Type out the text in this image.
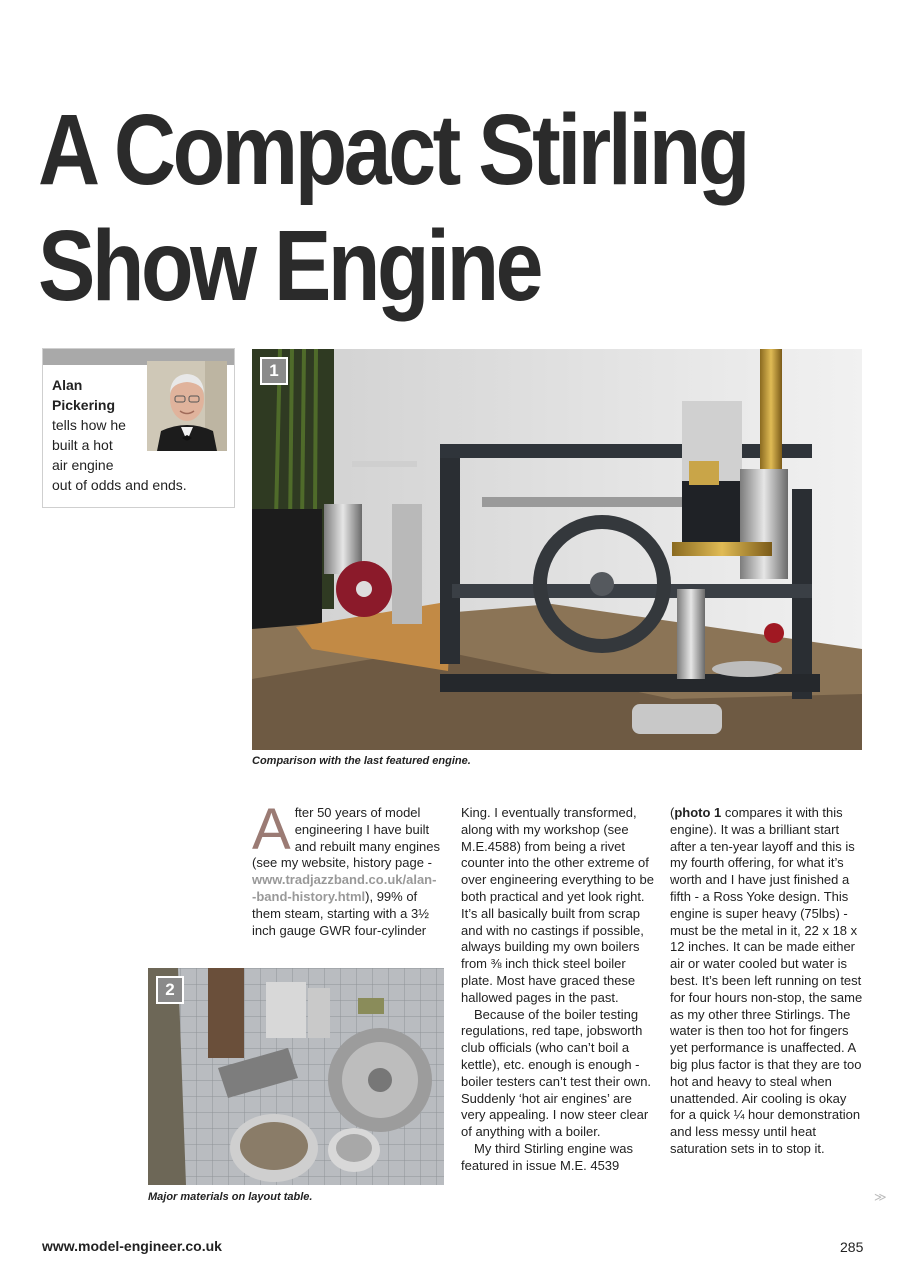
A Compact Stirling
Show Engine
Alan
Pickering
tells how he
built a hot
air engine
out of odds and ends.
1
Comparison with the last featured engine.

After 50 years of model engineering I have built and rebuilt many engines (see my website, history page - www.tradjazzband.co.uk/alan--band-history.html), 99% of them steam, starting with a 3½ inch gauge GWR four-cylinder

2
Major materials on layout table.

King. I eventually transformed, along with my workshop (see M.E.4588) from being a rivet counter into the other extreme of over engineering everything to be both practical and yet look right. It’s all basically built from scrap and with no castings if possible, always building my own boilers from ⅜ inch thick steel boiler plate. Most have graced these hallowed pages in the past.

Because of the boiler testing regulations, red tape, jobsworth club officials (who can’t boil a kettle), etc. enough is enough - boiler testers can’t test their own. Suddenly ‘hot air engines’ are very appealing. I now steer clear of anything with a boiler.

My third Stirling engine was featured in issue M.E. 4539

(photo 1 compares it with this engine). It was a brilliant start after a ten-year layoff and this is my fourth offering, for what it’s worth and I have just finished a fifth - a Ross Yoke design. This engine is super heavy (75lbs) - must be the metal in it, 22 x 18 x 12 inches. It can be made either air or water cooled but water is best. It’s been left running on test for four hours non-stop, the same as my other three Stirlings. The water is then too hot for fingers yet performance is unaffected. A big plus factor is that they are too hot and heavy to steal when unattended. Air cooling is okay for a quick ¼ hour demonstration and less messy until heat saturation sets in to stop it.

≫
www.model-engineer.co.uk	285
